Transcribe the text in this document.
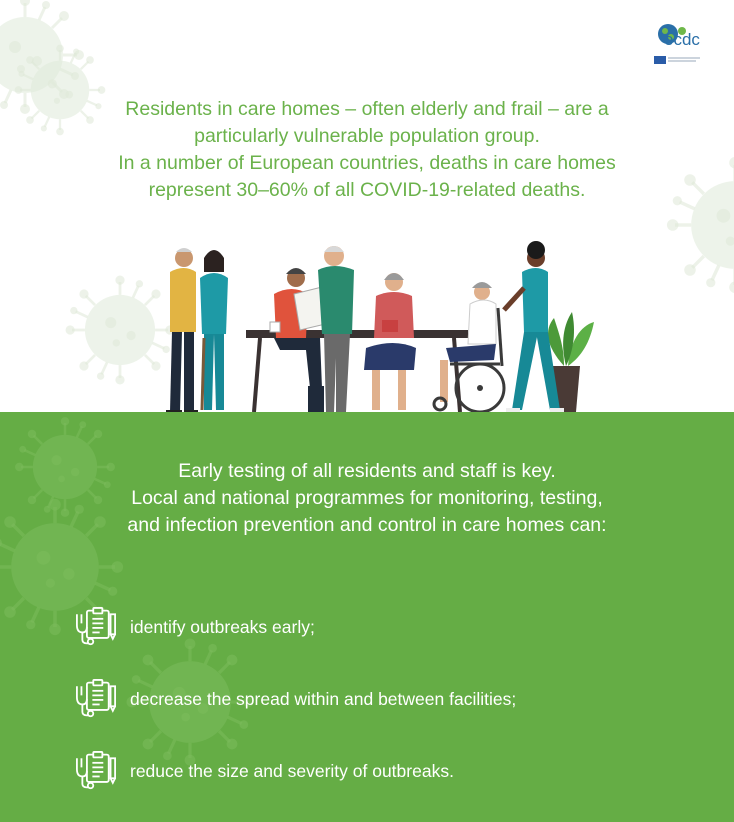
ecdc

Residents in care homes – often elderly and frail – are a
particularly vulnerable population group.
In a number of European countries, deaths in care homes
represent 30–60% of all COVID-19-related deaths.

Early testing of all residents and staff is key.
Local and national programmes for monitoring, testing,
and infection prevention and control in care homes can:

identify outbreaks early;
decrease the spread within and between facilities;
reduce the size and severity of outbreaks.
